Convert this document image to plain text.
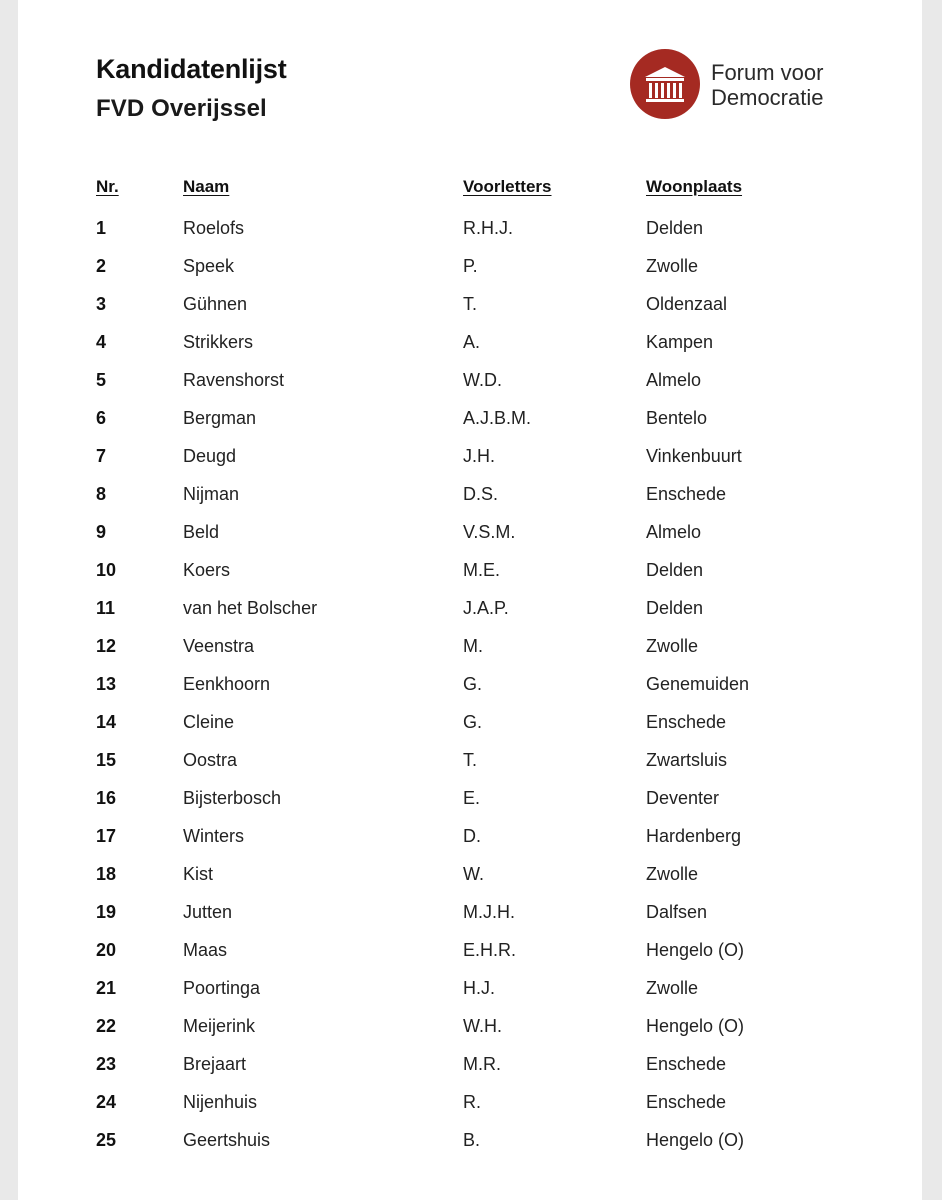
Kandidatenlijst
FVD Overijssel
Forum voor
Democratie
Nr.	Naam	Voorletters	Woonplaats
1	Roelofs	R.H.J.	Delden
2	Speek	P.	Zwolle
3	Gühnen	T.	Oldenzaal
4	Strikkers	A.	Kampen
5	Ravenshorst	W.D.	Almelo
6	Bergman	A.J.B.M.	Bentelo
7	Deugd	J.H.	Vinkenbuurt
8	Nijman	D.S.	Enschede
9	Beld	V.S.M.	Almelo
10	Koers	M.E.	Delden
11	van het Bolscher	J.A.P.	Delden
12	Veenstra	M.	Zwolle
13	Eenkhoorn	G.	Genemuiden
14	Cleine	G.	Enschede
15	Oostra	T.	Zwartsluis
16	Bijsterbosch	E.	Deventer
17	Winters	D.	Hardenberg
18	Kist	W.	Zwolle
19	Jutten	M.J.H.	Dalfsen
20	Maas	E.H.R.	Hengelo (O)
21	Poortinga	H.J.	Zwolle
22	Meijerink	W.H.	Hengelo (O)
23	Brejaart	M.R.	Enschede
24	Nijenhuis	R.	Enschede
25	Geertshuis	B.	Hengelo (O)
